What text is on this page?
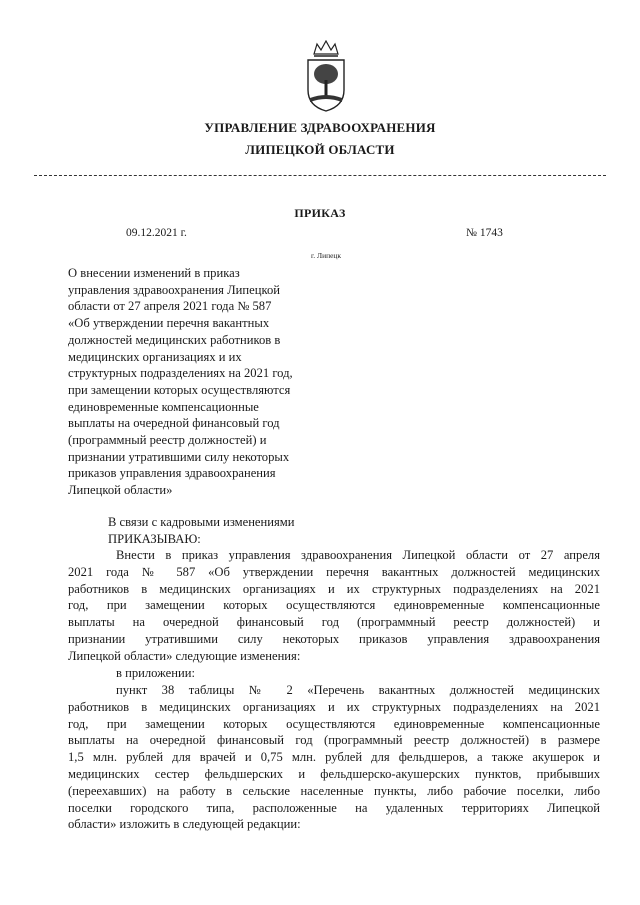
УПРАВЛЕНИЕ ЗДРАВООХРАНЕНИЯ
ЛИПЕЦКОЙ ОБЛАСТИ
ПРИКАЗ
09.12.2021 г.	№ 1743
г. Липецк
О внесении изменений в приказ
управления здравоохранения Липецкой
области от 27 апреля 2021 года № 587
«Об утверждении перечня вакантных
должностей медицинских работников в
медицинских организациях и их
структурных подразделениях на 2021 год,
при замещении которых осуществляются
единовременные компенсационные
выплаты на очередной финансовый год
(программный реестр должностей) и
признании утратившими силу некоторых
приказов управления здравоохранения
Липецкой области»
В связи с кадровыми изменениями
ПРИКАЗЫВАЮ:
Внести в приказ управления здравоохранения Липецкой области от 27 апреля
2021 года № 587 «Об утверждении перечня вакантных должностей медицинских
работников в медицинских организациях и их структурных подразделениях на 2021
год, при замещении которых осуществляются единовременные компенсационные
выплаты на очередной финансовый год (программный реестр должностей) и
признании утратившими силу некоторых приказов управления здравоохранения
Липецкой области» следующие изменения:
в приложении:
пункт 38 таблицы № 2 «Перечень вакантных должностей медицинских
работников в медицинских организациях и их структурных подразделениях на 2021
год, при замещении которых осуществляются единовременные компенсационные
выплаты на очередной финансовый год (программный реестр должностей) в размере
1,5 млн. рублей для врачей и 0,75 млн. рублей для фельдшеров, а также акушерок и
медицинских сестер фельдшерских и фельдшерско-акушерских пунктов, прибывших
(переехавших) на работу в сельские населенные пункты, либо рабочие поселки, либо
поселки городского типа, расположенные на удаленных территориях Липецкой
области» изложить в следующей редакции:
